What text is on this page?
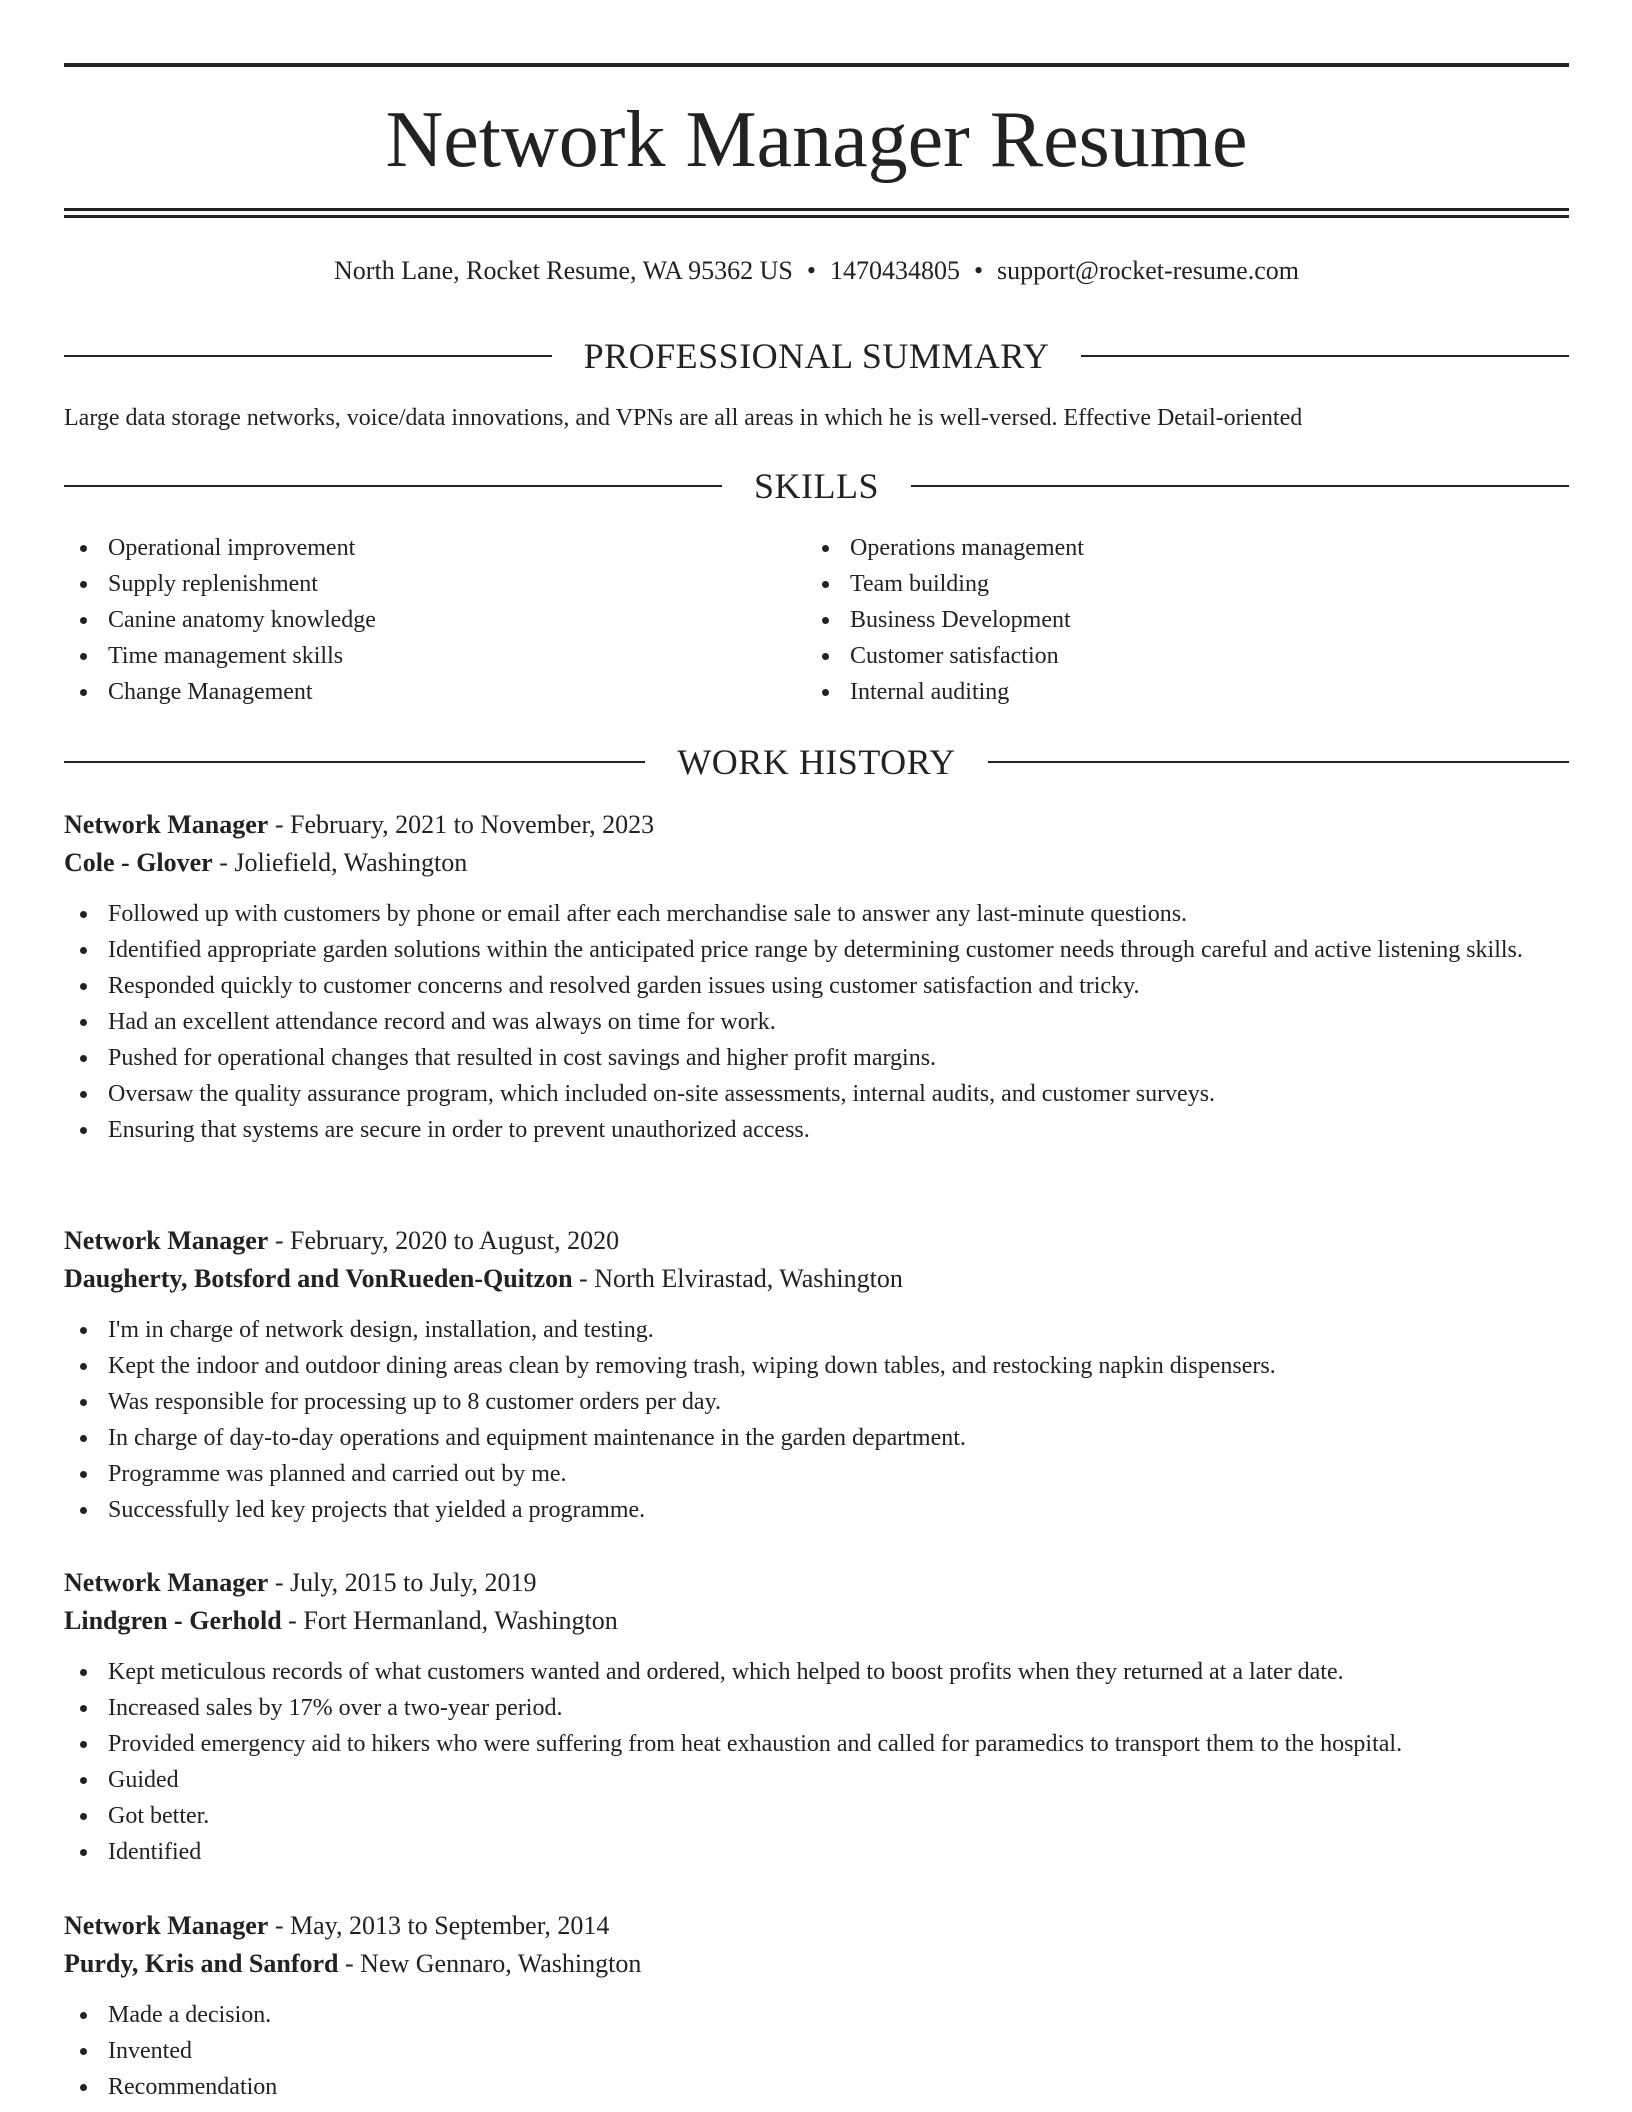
Network Manager Resume
North Lane, Rocket Resume, WA 95362 US • 1470434805 • support@rocket-resume.com
PROFESSIONAL SUMMARY
Large data storage networks, voice/data innovations, and VPNs are all areas in which he is well-versed. Effective Detail-oriented
SKILLS
Operational improvement
Supply replenishment
Canine anatomy knowledge
Time management skills
Change Management
Operations management
Team building
Business Development
Customer satisfaction
Internal auditing
WORK HISTORY
Network Manager - February, 2021 to November, 2023
Cole - Glover - Joliefield, Washington
Followed up with customers by phone or email after each merchandise sale to answer any last-minute questions.
Identified appropriate garden solutions within the anticipated price range by determining customer needs through careful and active listening skills.
Responded quickly to customer concerns and resolved garden issues using customer satisfaction and tricky.
Had an excellent attendance record and was always on time for work.
Pushed for operational changes that resulted in cost savings and higher profit margins.
Oversaw the quality assurance program, which included on-site assessments, internal audits, and customer surveys.
Ensuring that systems are secure in order to prevent unauthorized access.
Network Manager - February, 2020 to August, 2020
Daugherty, Botsford and VonRueden-Quitzon - North Elvirastad, Washington
I'm in charge of network design, installation, and testing.
Kept the indoor and outdoor dining areas clean by removing trash, wiping down tables, and restocking napkin dispensers.
Was responsible for processing up to 8 customer orders per day.
In charge of day-to-day operations and equipment maintenance in the garden department.
Programme was planned and carried out by me.
Successfully led key projects that yielded a programme.
Network Manager - July, 2015 to July, 2019
Lindgren - Gerhold - Fort Hermanland, Washington
Kept meticulous records of what customers wanted and ordered, which helped to boost profits when they returned at a later date.
Increased sales by 17% over a two-year period.
Provided emergency aid to hikers who were suffering from heat exhaustion and called for paramedics to transport them to the hospital.
Guided
Got better.
Identified
Network Manager - May, 2013 to September, 2014
Purdy, Kris and Sanford - New Gennaro, Washington
Made a decision.
Invented
Recommendation
